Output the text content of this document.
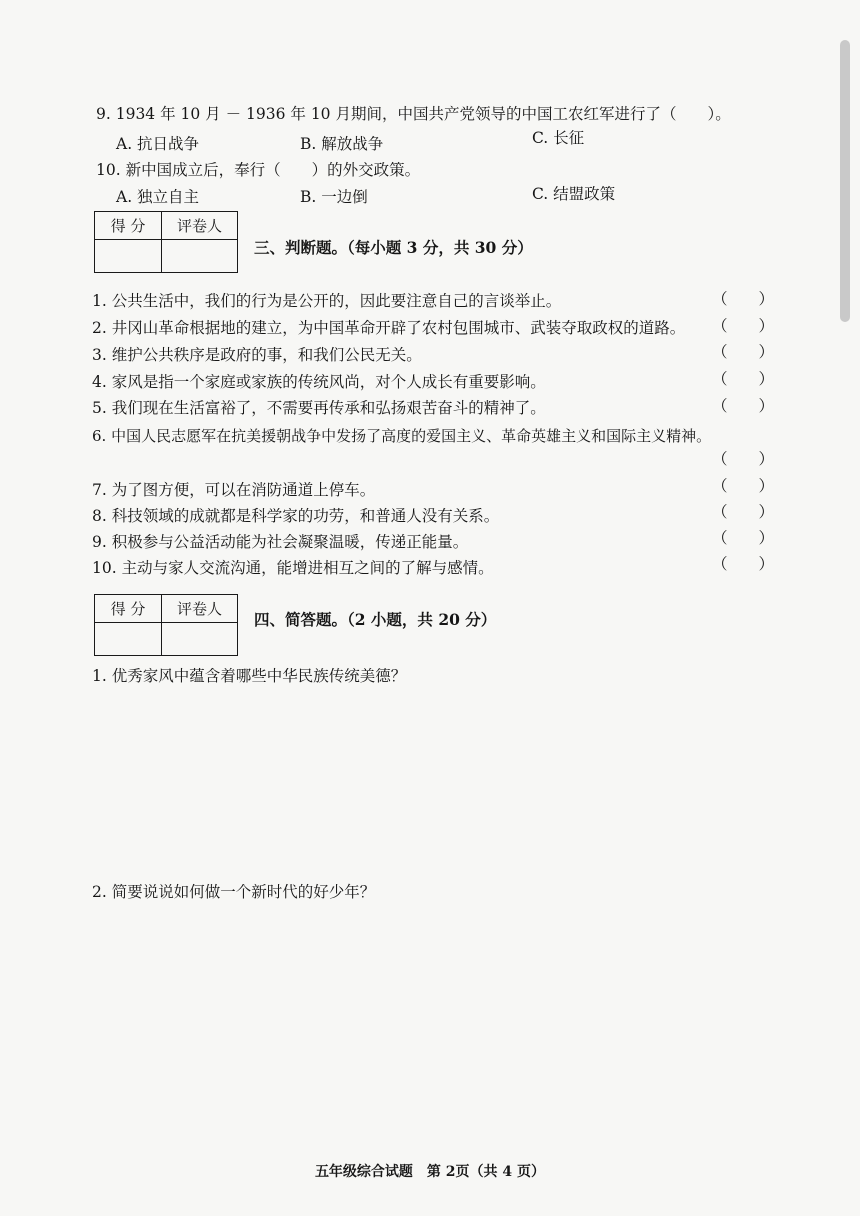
9. 1934 年 10 月 － 1936 年 10 月期间，中国共产党领导的中国工农红军进行了（　　）。
A. 抗日战争	B. 解放战争	C. 长征
10. 新中国成立后，奉行（　　）的外交政策。
A. 独立自主	B. 一边倒	C. 结盟政策
得 分	评卷人

三、判断题。（每小题 3 分，共 30 分）
1. 公共生活中，我们的行为是公开的，因此要注意自己的言谈举止。	（　　）
2. 井冈山革命根据地的建立，为中国革命开辟了农村包围城市、武装夺取政权的道路。 （　　）
3. 维护公共秩序是政府的事，和我们公民无关。	（　　）
4. 家风是指一个家庭或家族的传统风尚，对个人成长有重要影响。	（　　）
5. 我们现在生活富裕了，不需要再传承和弘扬艰苦奋斗的精神了。	（　　）
6. 中国人民志愿军在抗美援朝战争中发扬了高度的爱国主义、革命英雄主义和国际主义精神。
（　　）
7. 为了图方便，可以在消防通道上停车。	（　　）
8. 科技领域的成就都是科学家的功劳，和普通人没有关系。	（　　）
9. 积极参与公益活动能为社会凝聚温暖，传递正能量。	（　　）
10. 主动与家人交流沟通，能增进相互之间的了解与感情。	（　　）
得 分	评卷人

四、简答题。（2 小题，共 20 分）
1. 优秀家风中蕴含着哪些中华民族传统美德？
2. 简要说说如何做一个新时代的好少年？
五年级综合试题　第 2页（共 4 页）
